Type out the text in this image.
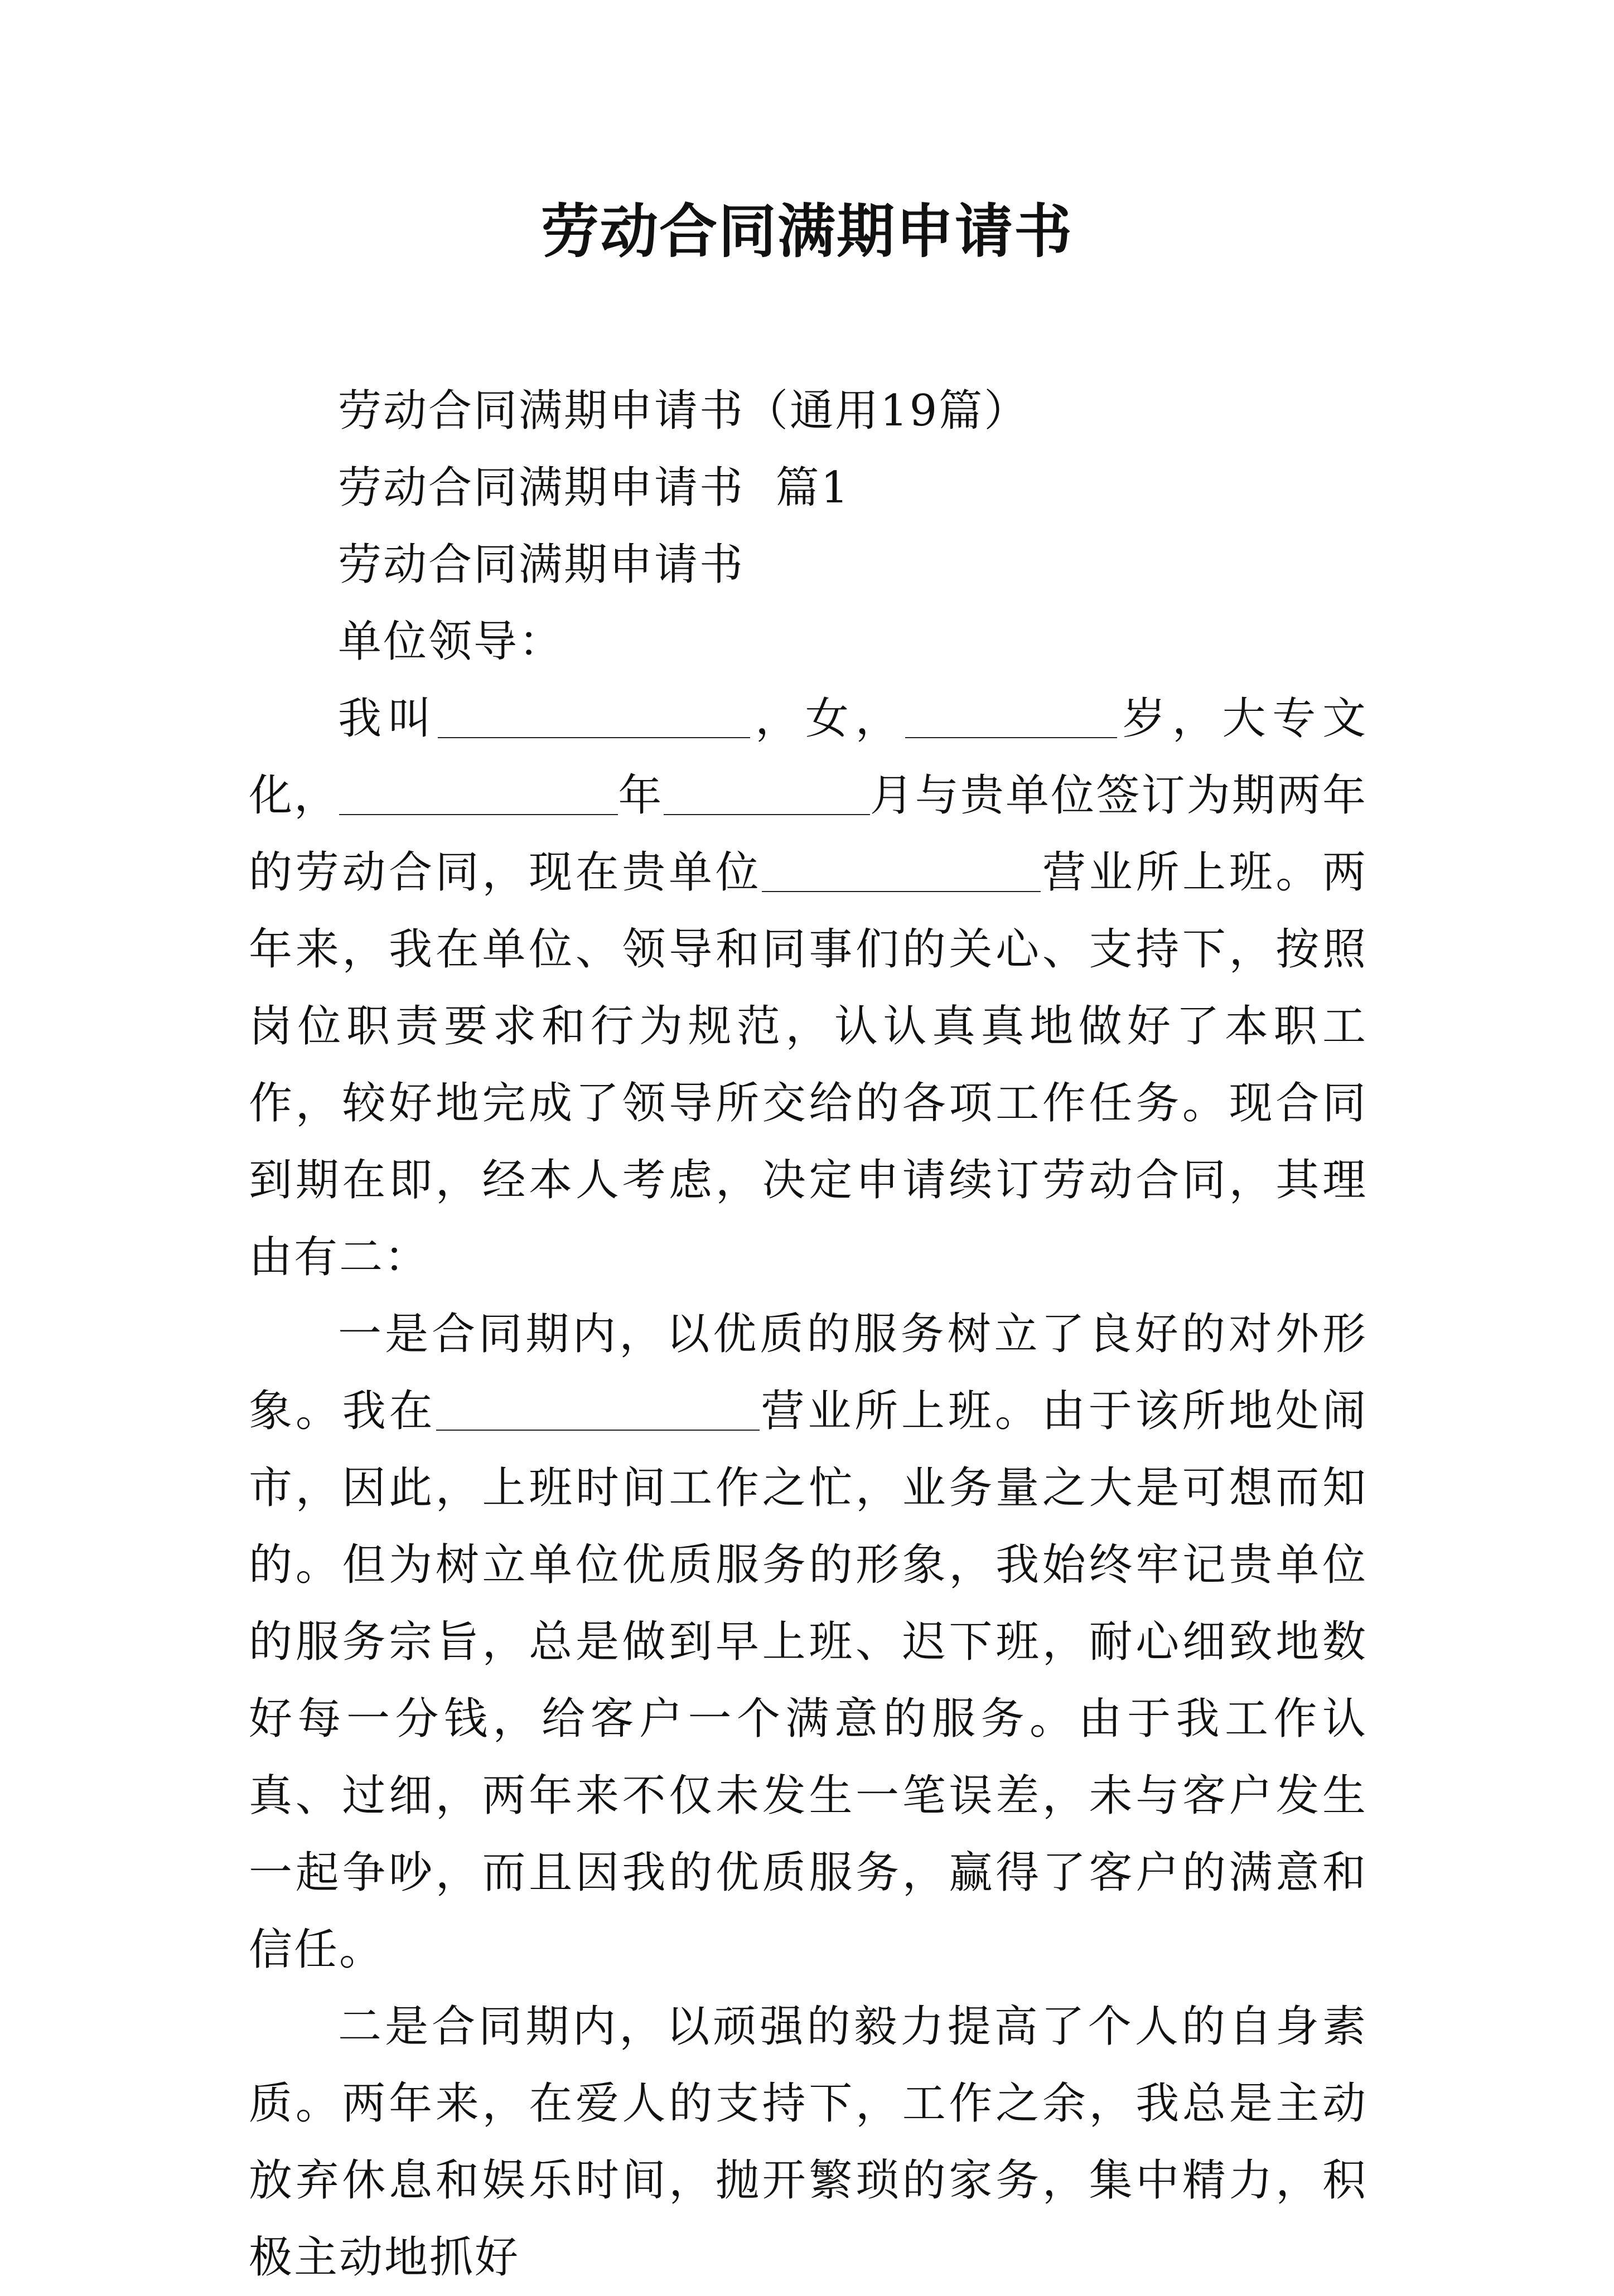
劳动合同满期申请书

劳动合同满期申请书（通用19篇）

劳动合同满期申请书  篇1

劳动合同满期申请书

单位领导：

我叫	，女，	岁，大专文化，	年	月与贵单位签订为期两年的劳动合同，现在贵单位	营业所上班。两年来，我在单位、领导和同事们的关心、支持下，按照岗位职责要求和行为规范，认认真真地做好了本职工作，较好地完成了领导所交给的各项工作任务。现合同到期在即，经本人考虑，决定申请续订劳动合同，其理由有二：

一是合同期内，以优质的服务树立了良好的对外形象。我在	营业所上班。由于该所地处闹市，因此，上班时间工作之忙，业务量之大是可想而知的。但为树立单位优质服务的形象，我始终牢记贵单位的服务宗旨，总是做到早上班、迟下班，耐心细致地数好每一分钱，给客户一个满意的服务。由于我工作认真、过细，两年来不仅未发生一笔误差，未与客户发生一起争吵，而且因我的优质服务，赢得了客户的满意和信任。

二是合同期内，以顽强的毅力提高了个人的自身素质。两年来，在爱人的支持下，工作之余，我总是主动放弃休息和娱乐时间，抛开繁琐的家务，集中精力，积极主动地抓好
